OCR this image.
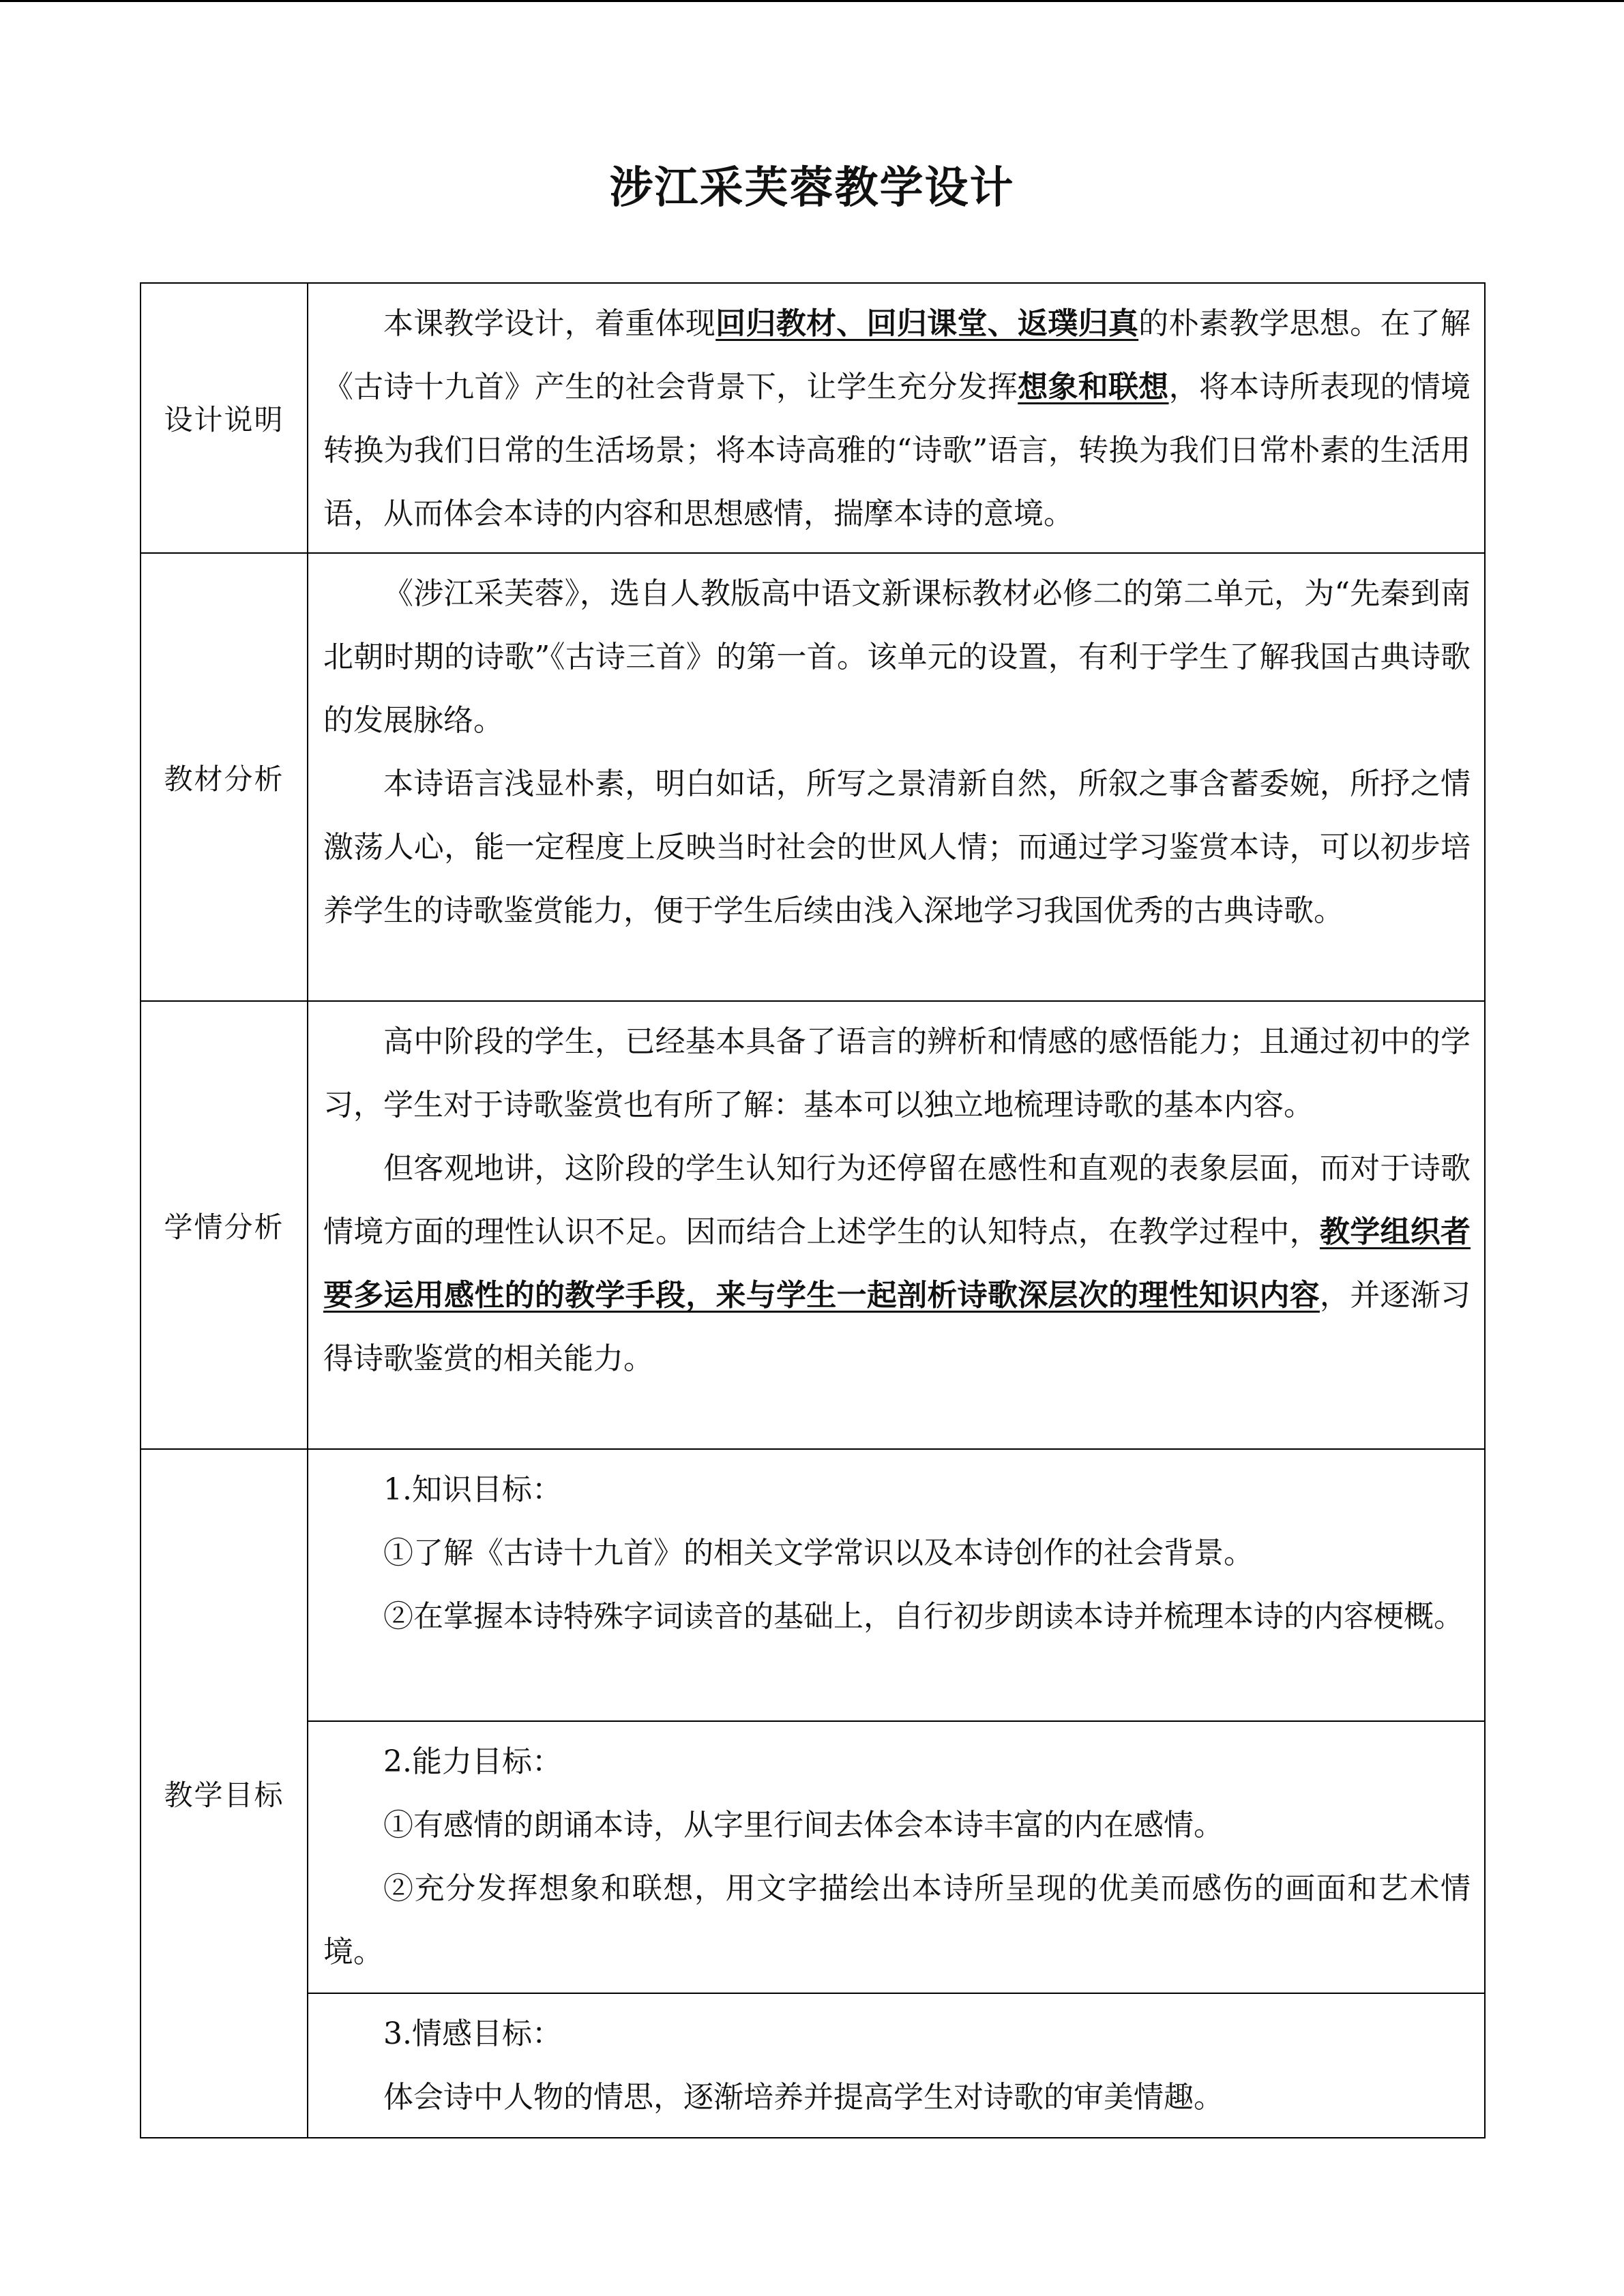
涉江采芙蓉教学设计
设计说明	本课教学设计，着重体现回归教材、回归课堂、返璞归真的朴素教学思想。在了解《古诗十九首》产生的社会背景下，让学生充分发挥想象和联想，将本诗所表现的情境转换为我们日常的生活场景；将本诗高雅的“诗歌”语言，转换为我们日常朴素的生活用语，从而体会本诗的内容和思想感情，揣摩本诗的意境。

教材分析	《涉江采芙蓉》，选自人教版高中语文新课标教材必修二的第二单元，为“先秦到南北朝时期的诗歌”《古诗三首》的第一首。该单元的设置，有利于学生了解我国古典诗歌的发展脉络。

本诗语言浅显朴素，明白如话，所写之景清新自然，所叙之事含蓄委婉，所抒之情激荡人心，能一定程度上反映当时社会的世风人情；而通过学习鉴赏本诗，可以初步培养学生的诗歌鉴赏能力，便于学生后续由浅入深地学习我国优秀的古典诗歌。

学情分析	高中阶段的学生，已经基本具备了语言的辨析和情感的感悟能力；且通过初中的学习，学生对于诗歌鉴赏也有所了解：基本可以独立地梳理诗歌的基本内容。

但客观地讲，这阶段的学生认知行为还停留在感性和直观的表象层面，而对于诗歌情境方面的理性认识不足。因而结合上述学生的认知特点，在教学过程中，教学组织者要多运用感性的的教学手段，来与学生一起剖析诗歌深层次的理性知识内容，并逐渐习得诗歌鉴赏的相关能力。

教学目标	1.知识目标：

①了解《古诗十九首》的相关文学常识以及本诗创作的社会背景。

②在掌握本诗特殊字词读音的基础上，自行初步朗读本诗并梳理本诗的内容梗概。

	2.能力目标：

①有感情的朗诵本诗，从字里行间去体会本诗丰富的内在感情。

②充分发挥想象和联想，用文字描绘出本诗所呈现的优美而感伤的画面和艺术情境。

	3.情感目标：

体会诗中人物的情思，逐渐培养并提高学生对诗歌的审美情趣。
